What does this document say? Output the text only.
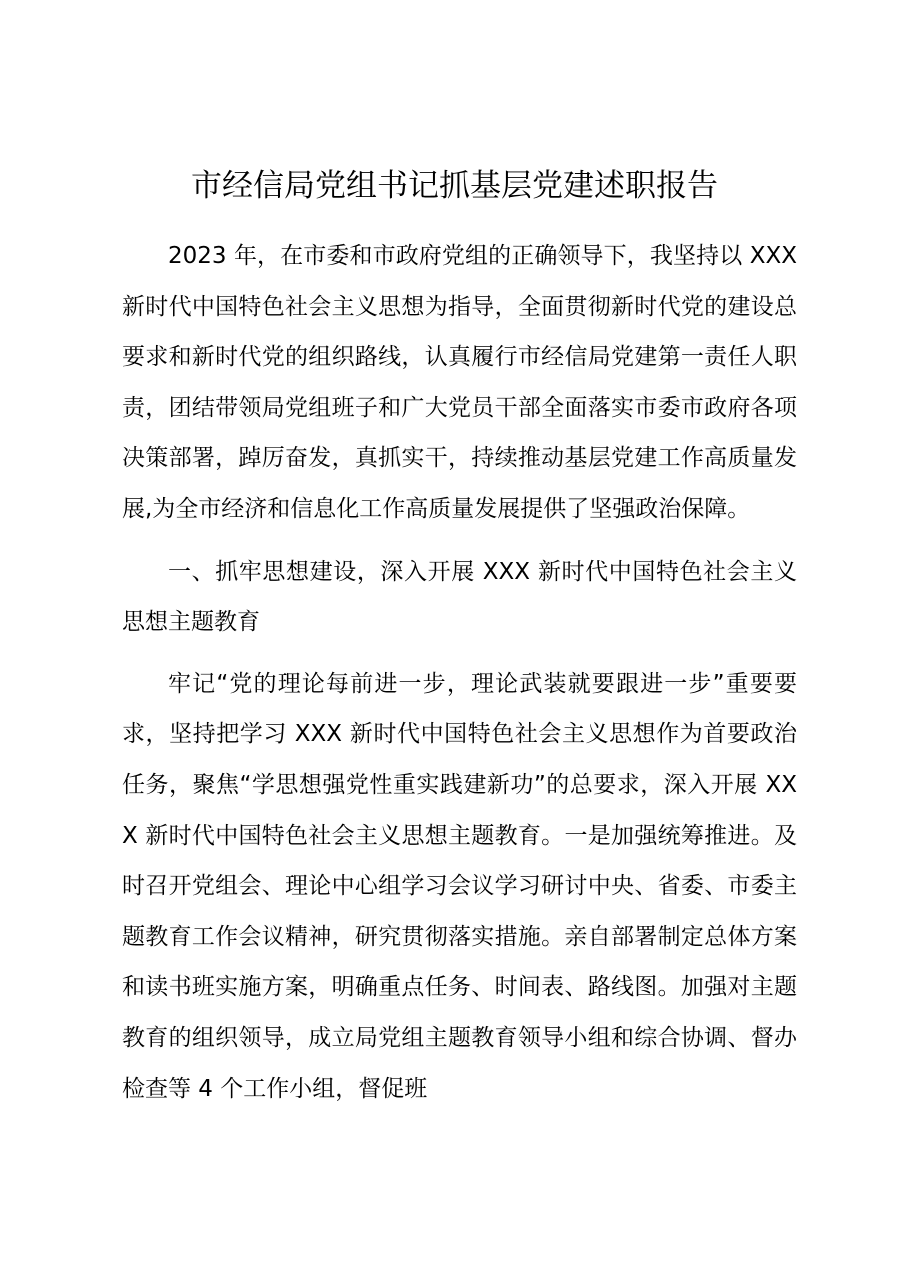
市经信局党组书记抓基层党建述职报告

2023 年，在市委和市政府党组的正确领导下，我坚持以 XXX 新时代中国特色社会主义思想为指导，全面贯彻新时代党的建设总要求和新时代党的组织路线，认真履行市经信局党建第一责任人职责，团结带领局党组班子和广大党员干部全面落实市委市政府各项决策部署，踔厉奋发，真抓实干，持续推动基层党建工作高质量发展,为全市经济和信息化工作高质量发展提供了坚强政治保障。

一、抓牢思想建设，深入开展 XXX 新时代中国特色社会主义思想主题教育

牢记“党的理论每前进一步，理论武装就要跟进一步”重要要求，坚持把学习 XXX 新时代中国特色社会主义思想作为首要政治任务，聚焦“学思想强党性重实践建新功”的总要求，深入开展 XXX 新时代中国特色社会主义思想主题教育。一是加强统筹推进。及时召开党组会、理论中心组学习会议学习研讨中央、省委、市委主题教育工作会议精神，研究贯彻落实措施。亲自部署制定总体方案和读书班实施方案，明确重点任务、时间表、路线图。加强对主题教育的组织领导，成立局党组主题教育领导小组和综合协调、督办检查等 4 个工作小组，督促班
